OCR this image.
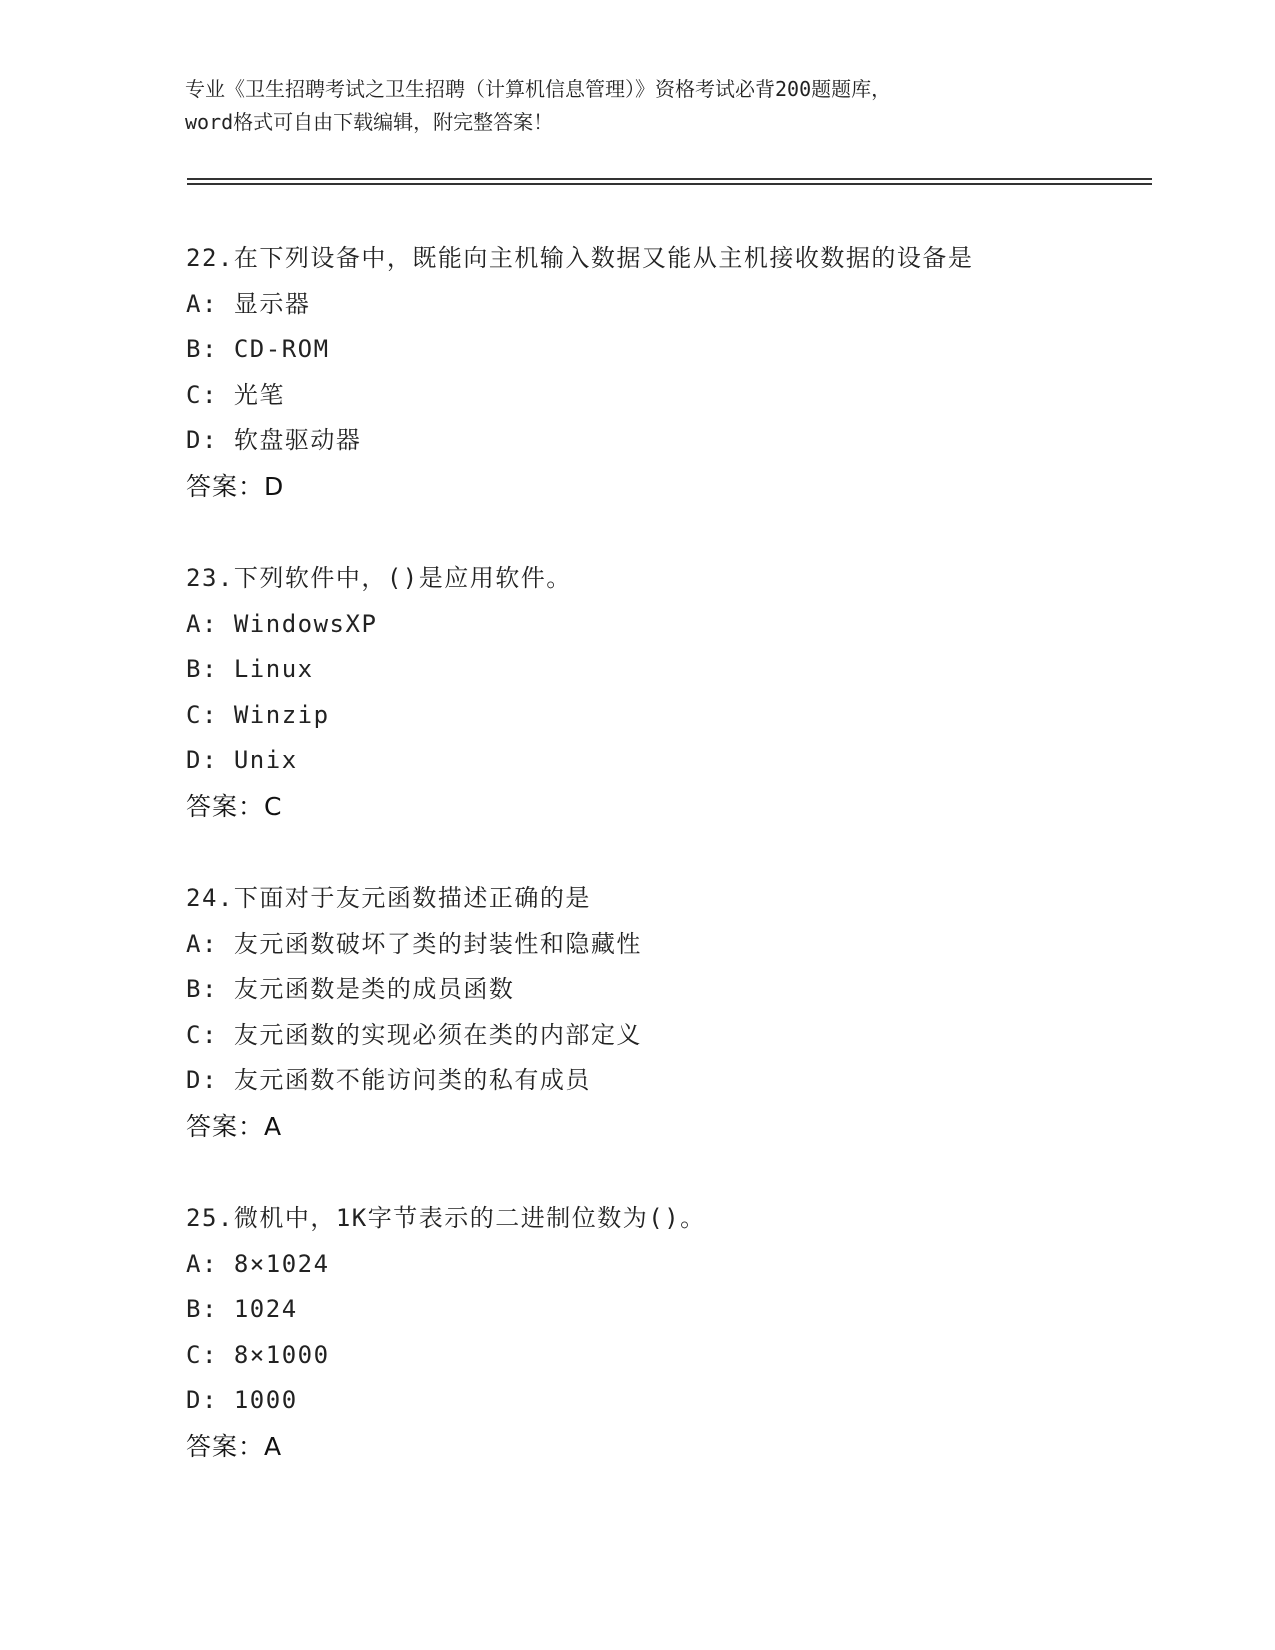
专业《卫生招聘考试之卫生招聘（计算机信息管理）》资格考试必背200题题库，
word格式可自由下载编辑，附完整答案！
22.在下列设备中，既能向主机输入数据又能从主机接收数据的设备是
A: 显示器
B: CD-ROM
C: 光笔
D: 软盘驱动器
答案：D
23.下列软件中，()是应用软件。
A: WindowsXP
B: Linux
C: Winzip
D: Unix
答案：C
24.下面对于友元函数描述正确的是
A: 友元函数破坏了类的封装性和隐藏性
B: 友元函数是类的成员函数
C: 友元函数的实现必须在类的内部定义
D: 友元函数不能访问类的私有成员
答案：A
25.微机中，1K字节表示的二进制位数为()。
A: 8×1024
B: 1024
C: 8×1000
D: 1000
答案：A
